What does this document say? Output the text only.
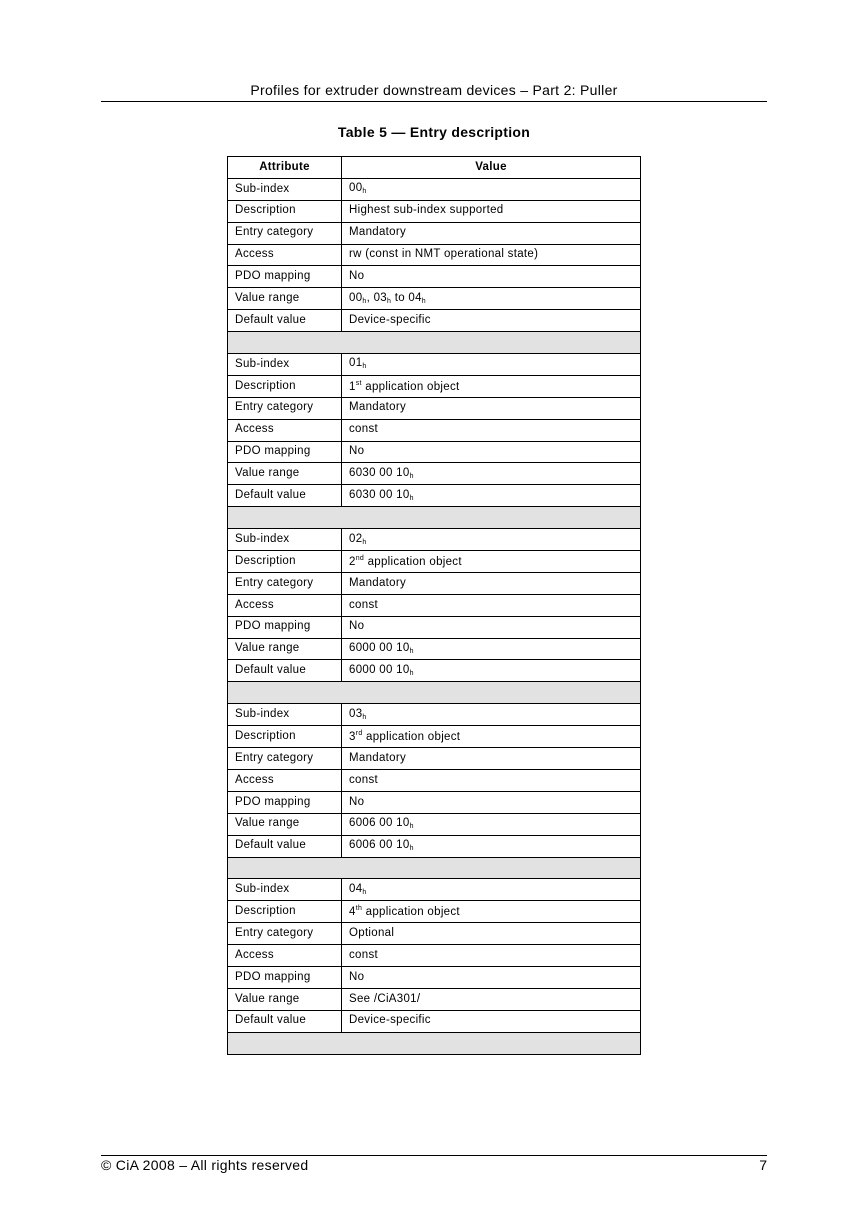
Profiles for extruder downstream devices – Part 2: Puller
Table 5 — Entry description
Attribute	Value
Sub-index	$00_h$
Description	Highest sub-index supported
Entry category	Mandatory
Access	rw (const in NMT operational state)
PDO mapping	No
Value range	$00_h$, $03_h$ to $04_h$
Default value	Device-specific

Sub-index	$01_h$
Description	1st application object
Entry category	Mandatory
Access	const
PDO mapping	No
Value range	6030 00 $10_h$
Default value	6030 00 $10_h$

Sub-index	$02_h$
Description	2nd application object
Entry category	Mandatory
Access	const
PDO mapping	No
Value range	6000 00 $10_h$
Default value	6000 00 $10_h$

Sub-index	$03_h$
Description	3rd application object
Entry category	Mandatory
Access	const
PDO mapping	No
Value range	6006 00 $10_h$
Default value	6006 00 $10_h$

Sub-index	$04_h$
Description	4th application object
Entry category	Optional
Access	const
PDO mapping	No
Value range	See /CiA301/
Default value	Device-specific

© CiA 2008 – All rights reserved	7
